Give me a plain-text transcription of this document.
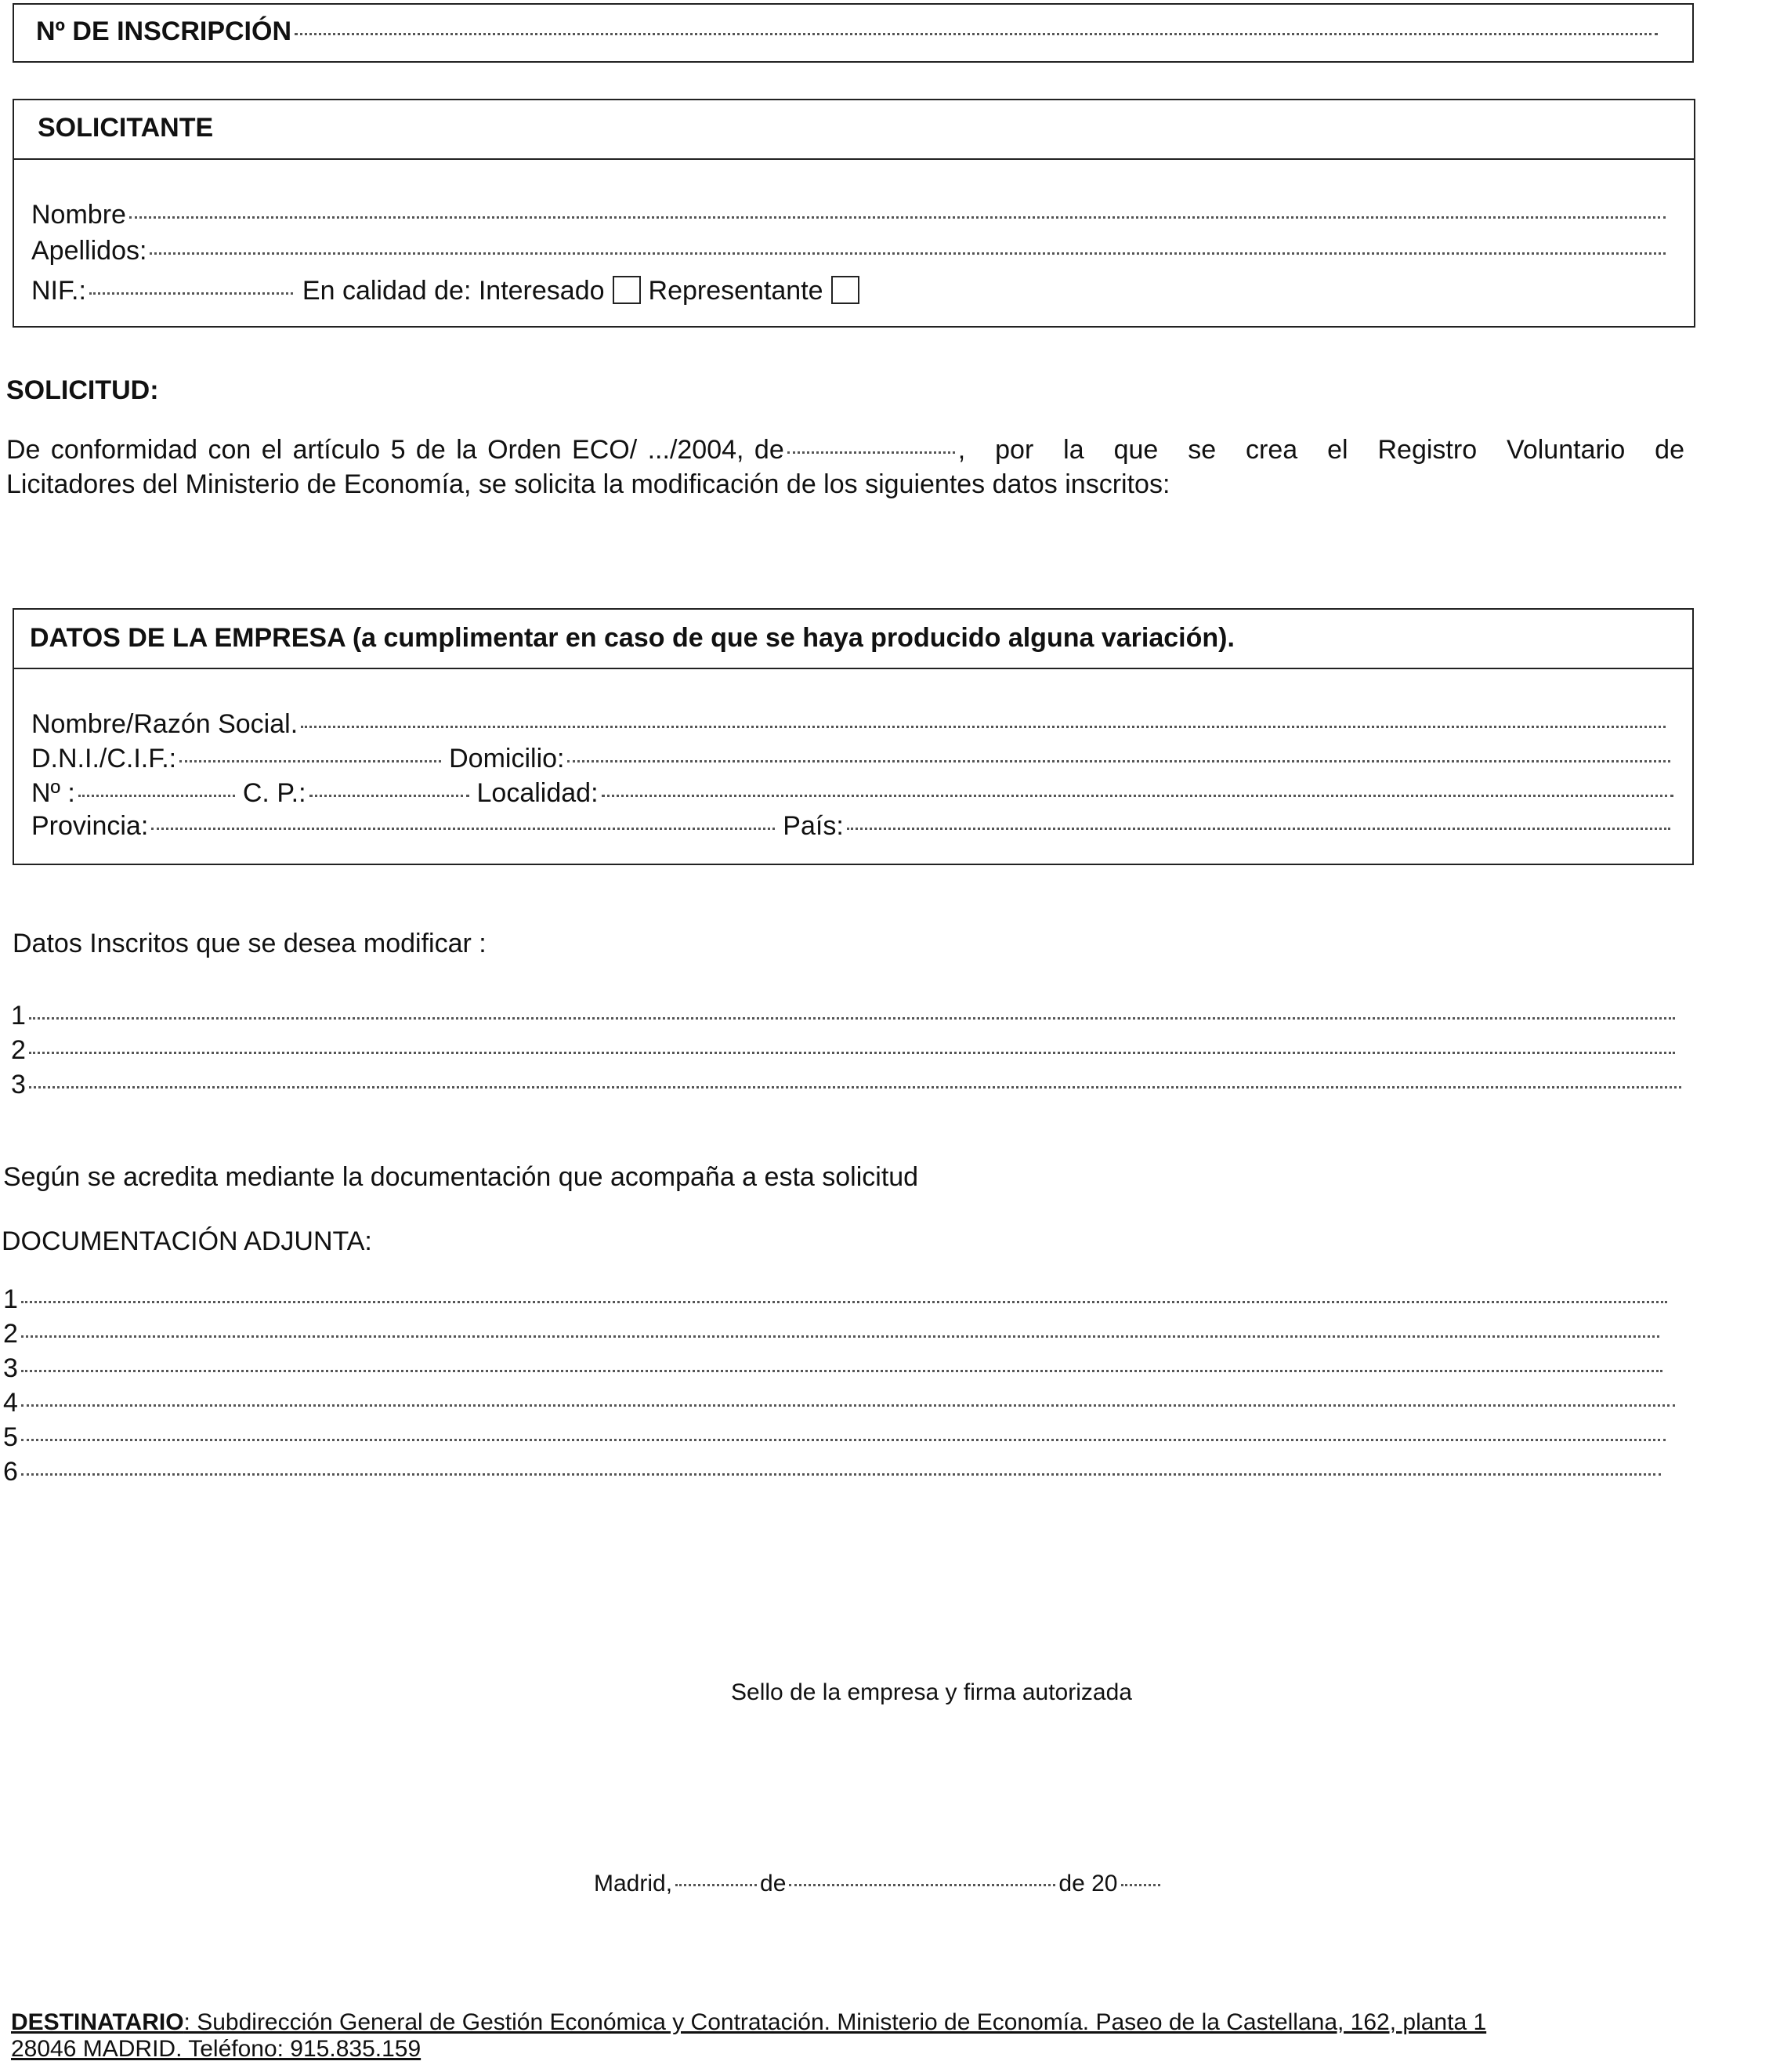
Nº DE INSCRIPCIÓN
SOLICITANTE
Nombre
Apellidos:
NIF.:	En calidad de: Interesado Representante
SOLICITUD:
De conformidad con el artículo 5 de la Orden ECO/ .../2004, de	, por la que se crea el Registro Voluntario de
Licitadores del Ministerio de Economía, se solicita la modificación de los siguientes datos inscritos:
DATOS DE LA EMPRESA (a cumplimentar en caso de que se haya producido alguna variación).
Nombre/Razón Social.
D.N.I./C.I.F.:	Domicilio:
Nº :	C. P.:	Localidad:
Provincia:	País:
Datos Inscritos que se desea modificar :
1
2
3
Según se acredita mediante la documentación que acompaña a esta solicitud
DOCUMENTACIÓN ADJUNTA:
1
2
3
4
5
6
Sello de la empresa y firma autorizada
Madrid,	de	de 20
DESTINATARIO: Subdirección General de Gestión Económica y Contratación. Ministerio de Economía. Paseo de la Castellana, 162, planta 1
28046 MADRID. Teléfono: 915.835.159
